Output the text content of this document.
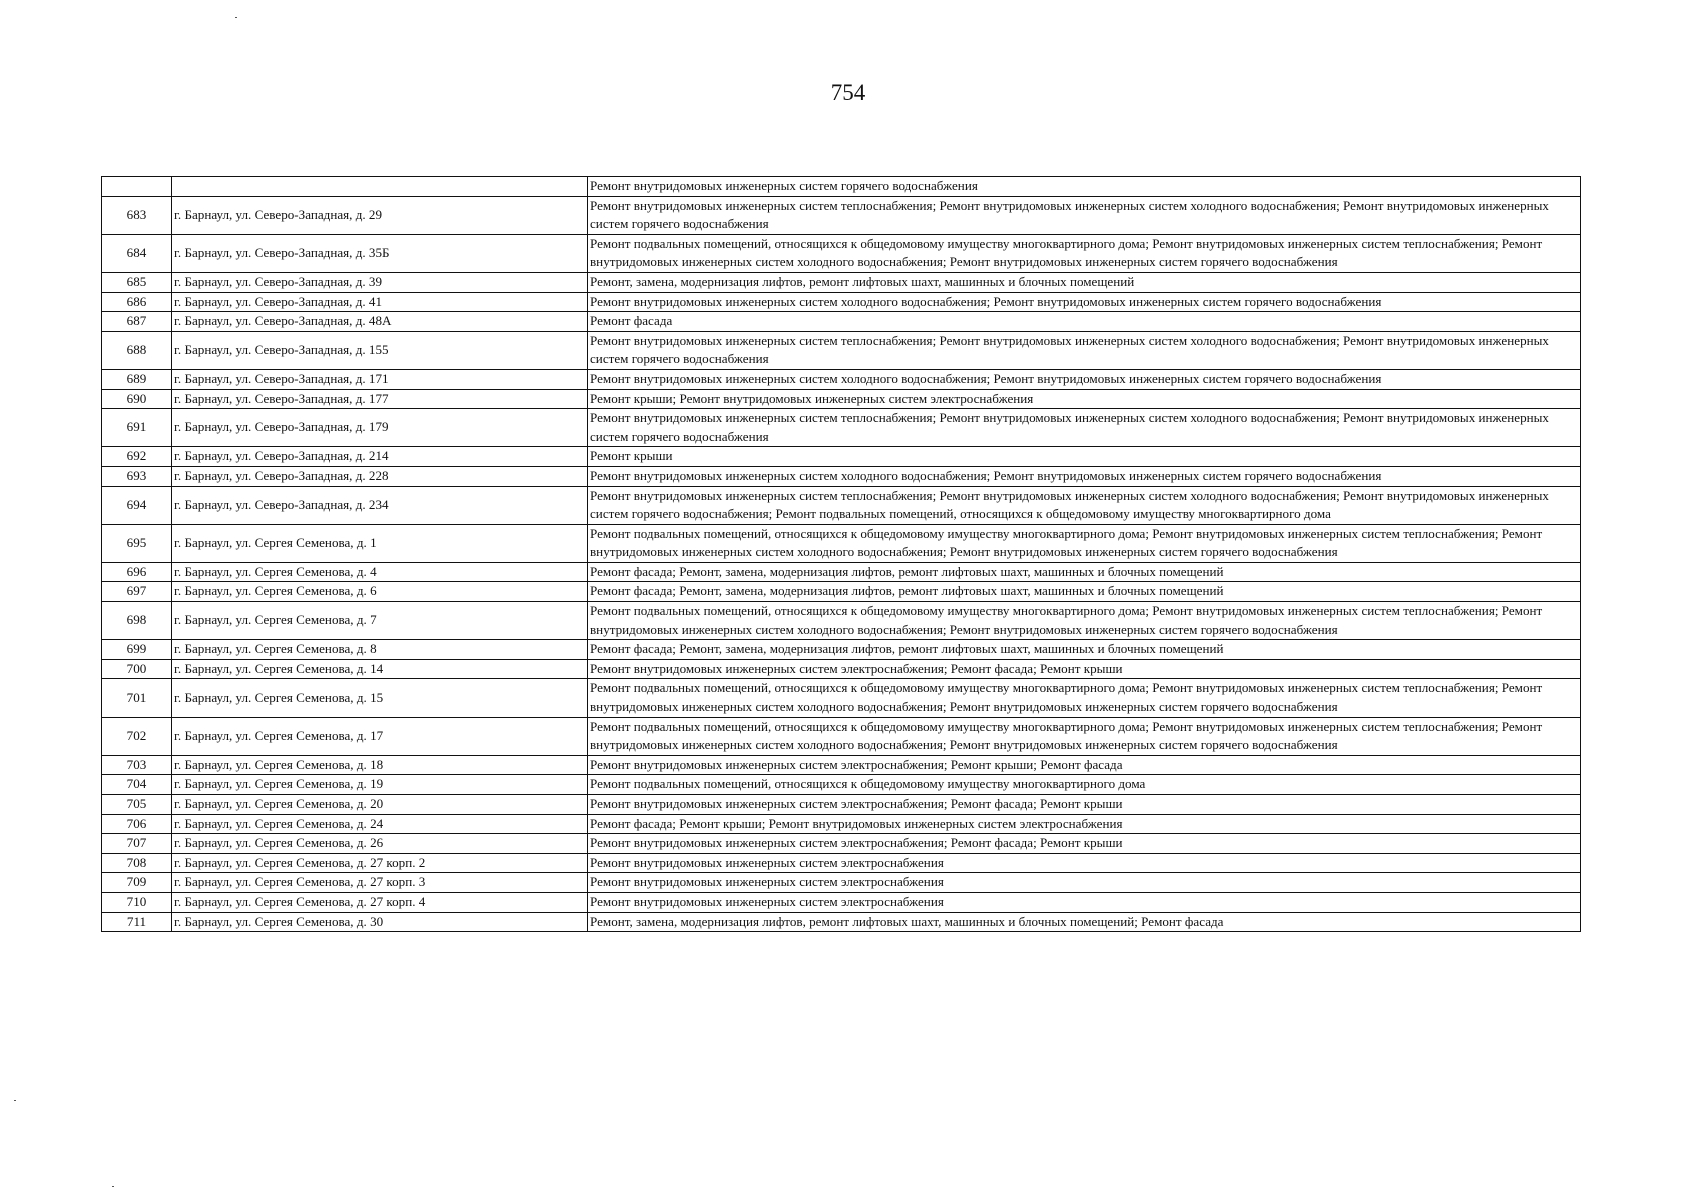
754
		Ремонт внутридомовых инженерных систем горячего водоснабжения
683	г. Барнаул, ул. Северо-Западная, д. 29	Ремонт внутридомовых инженерных систем теплоснабжения; Ремонт внутридомовых инженерных систем холодного водоснабжения; Ремонт внутридомовых инженерных систем горячего водоснабжения
684	г. Барнаул, ул. Северо-Западная, д. 35Б	Ремонт подвальных помещений, относящихся к общедомовому имуществу многоквартирного дома; Ремонт внутридомовых инженерных систем теплоснабжения; Ремонт внутридомовых инженерных систем холодного водоснабжения; Ремонт внутридомовых инженерных систем горячего водоснабжения
685	г. Барнаул, ул. Северо-Западная, д. 39	Ремонт, замена, модернизация лифтов, ремонт лифтовых шахт, машинных и блочных помещений
686	г. Барнаул, ул. Северо-Западная, д. 41	Ремонт внутридомовых инженерных систем холодного водоснабжения; Ремонт внутридомовых инженерных систем горячего водоснабжения
687	г. Барнаул, ул. Северо-Западная, д. 48А	Ремонт фасада
688	г. Барнаул, ул. Северо-Западная, д. 155	Ремонт внутридомовых инженерных систем теплоснабжения; Ремонт внутридомовых инженерных систем холодного водоснабжения; Ремонт внутридомовых инженерных систем горячего водоснабжения
689	г. Барнаул, ул. Северо-Западная, д. 171	Ремонт внутридомовых инженерных систем холодного водоснабжения; Ремонт внутридомовых инженерных систем горячего водоснабжения
690	г. Барнаул, ул. Северо-Западная, д. 177	Ремонт крыши; Ремонт внутридомовых инженерных систем электроснабжения
691	г. Барнаул, ул. Северо-Западная, д. 179	Ремонт внутридомовых инженерных систем теплоснабжения; Ремонт внутридомовых инженерных систем холодного водоснабжения; Ремонт внутридомовых инженерных систем горячего водоснабжения
692	г. Барнаул, ул. Северо-Западная, д. 214	Ремонт крыши
693	г. Барнаул, ул. Северо-Западная, д. 228	Ремонт внутридомовых инженерных систем холодного водоснабжения; Ремонт внутридомовых инженерных систем горячего водоснабжения
694	г. Барнаул, ул. Северо-Западная, д. 234	Ремонт внутридомовых инженерных систем теплоснабжения; Ремонт внутридомовых инженерных систем холодного водоснабжения; Ремонт внутридомовых инженерных систем горячего водоснабжения; Ремонт подвальных помещений, относящихся к общедомовому имуществу многоквартирного дома
695	г. Барнаул, ул. Сергея Семенова, д. 1	Ремонт подвальных помещений, относящихся к общедомовому имуществу многоквартирного дома; Ремонт внутридомовых инженерных систем теплоснабжения; Ремонт внутридомовых инженерных систем холодного водоснабжения; Ремонт внутридомовых инженерных систем горячего водоснабжения
696	г. Барнаул, ул. Сергея Семенова, д. 4	Ремонт фасада; Ремонт, замена, модернизация лифтов, ремонт лифтовых шахт, машинных и блочных помещений
697	г. Барнаул, ул. Сергея Семенова, д. 6	Ремонт фасада; Ремонт, замена, модернизация лифтов, ремонт лифтовых шахт, машинных и блочных помещений
698	г. Барнаул, ул. Сергея Семенова, д. 7	Ремонт подвальных помещений, относящихся к общедомовому имуществу многоквартирного дома; Ремонт внутридомовых инженерных систем теплоснабжения; Ремонт внутридомовых инженерных систем холодного водоснабжения; Ремонт внутридомовых инженерных систем горячего водоснабжения
699	г. Барнаул, ул. Сергея Семенова, д. 8	Ремонт фасада; Ремонт, замена, модернизация лифтов, ремонт лифтовых шахт, машинных и блочных помещений
700	г. Барнаул, ул. Сергея Семенова, д. 14	Ремонт внутридомовых инженерных систем электроснабжения; Ремонт фасада; Ремонт крыши
701	г. Барнаул, ул. Сергея Семенова, д. 15	Ремонт подвальных помещений, относящихся к общедомовому имуществу многоквартирного дома; Ремонт внутридомовых инженерных систем теплоснабжения; Ремонт внутридомовых инженерных систем холодного водоснабжения; Ремонт внутридомовых инженерных систем горячего водоснабжения
702	г. Барнаул, ул. Сергея Семенова, д. 17	Ремонт подвальных помещений, относящихся к общедомовому имуществу многоквартирного дома; Ремонт внутридомовых инженерных систем теплоснабжения; Ремонт внутридомовых инженерных систем холодного водоснабжения; Ремонт внутридомовых инженерных систем горячего водоснабжения
703	г. Барнаул, ул. Сергея Семенова, д. 18	Ремонт внутридомовых инженерных систем электроснабжения; Ремонт крыши; Ремонт фасада
704	г. Барнаул, ул. Сергея Семенова, д. 19	Ремонт подвальных помещений, относящихся к общедомовому имуществу многоквартирного дома
705	г. Барнаул, ул. Сергея Семенова, д. 20	Ремонт внутридомовых инженерных систем электроснабжения; Ремонт фасада; Ремонт крыши
706	г. Барнаул, ул. Сергея Семенова, д. 24	Ремонт фасада; Ремонт крыши; Ремонт внутридомовых инженерных систем электроснабжения
707	г. Барнаул, ул. Сергея Семенова, д. 26	Ремонт внутридомовых инженерных систем электроснабжения; Ремонт фасада; Ремонт крыши
708	г. Барнаул, ул. Сергея Семенова, д. 27 корп. 2	Ремонт внутридомовых инженерных систем электроснабжения
709	г. Барнаул, ул. Сергея Семенова, д. 27 корп. 3	Ремонт внутридомовых инженерных систем электроснабжения
710	г. Барнаул, ул. Сергея Семенова, д. 27 корп. 4	Ремонт внутридомовых инженерных систем электроснабжения
711	г. Барнаул, ул. Сергея Семенова, д. 30	Ремонт, замена, модернизация лифтов, ремонт лифтовых шахт, машинных и блочных помещений; Ремонт фасада
